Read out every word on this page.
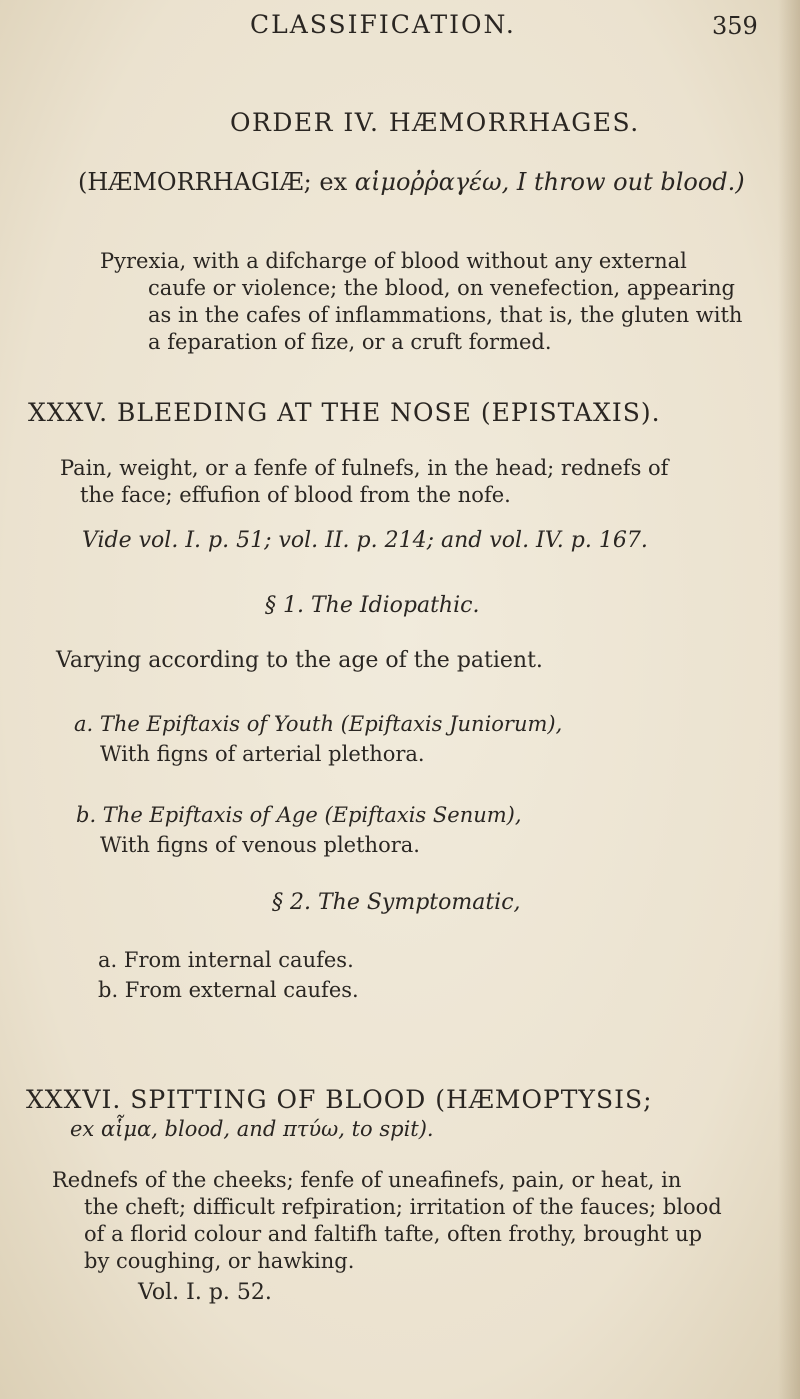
CLASSIFICATION.	359
ORDER IV. HÆMORRHAGES.
(HÆMORRHAGIÆ; ex αἱμοῤῥαγέω, I throw out blood.)
Pyrexia, with a difcharge of blood without any external
caufe or violence; the blood, on venefection, appearing
as in the cafes of inflammations, that is, the gluten with
a feparation of fize, or a cruft formed.
XXXV. BLEEDING AT THE NOSE (EPISTAXIS).
Pain, weight, or a fenfe of fulnefs, in the head; rednefs of
the face; effufion of blood from the nofe.
Vide vol. I. p. 51; vol. II. p. 214; and vol. IV. p. 167.
§ 1. The Idiopathic.
Varying according to the age of the patient.
a. The Epiftaxis of Youth (Epiftaxis Juniorum),
With figns of arterial plethora.
b. The Epiftaxis of Age (Epiftaxis Senum),
With figns of venous plethora.
§ 2. The Symptomatic,
a. From internal caufes.
b. From external caufes.
XXXVI. SPITTING OF BLOOD (HÆMOPTYSIS;
ex αἷμα, blood, and πτύω, to spit).
Rednefs of the cheeks; fenfe of uneafinefs, pain, or heat, in
the cheft; difficult refpiration; irritation of the fauces; blood
of a florid colour and faltifh tafte, often frothy, brought up
by coughing, or hawking.
Vol. I. p. 52.
